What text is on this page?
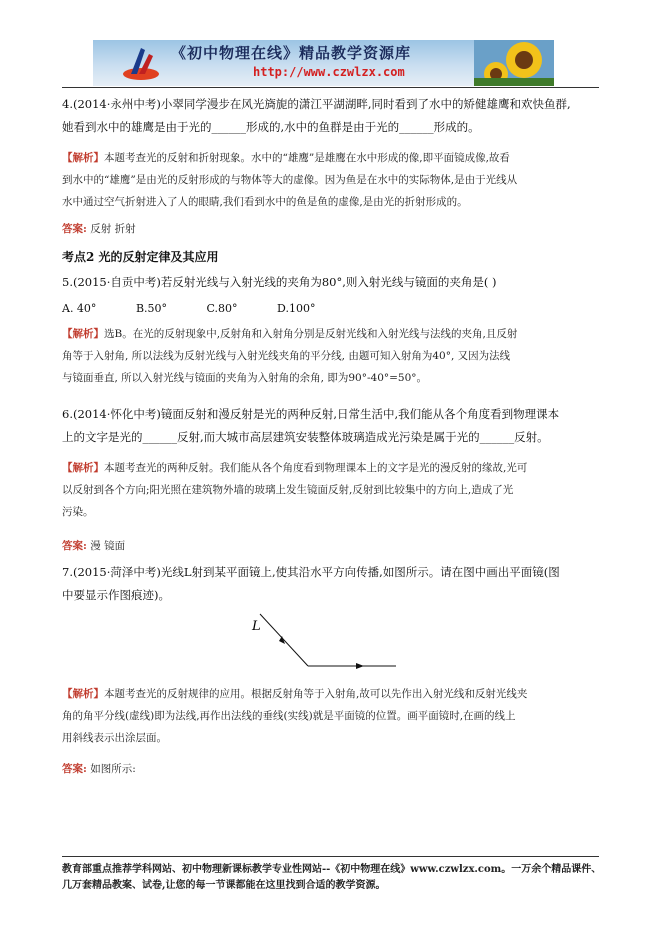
《初中物理在线》精品教学资源库
http://www.czwlzx.com
4.(2014·永州中考)小翠同学漫步在风光旖旎的潇江平湖湖畔,同时看到了水中的矫健雄鹰和欢快鱼群,
她看到水中的雄鹰是由于光的______形成的,水中的鱼群是由于光的______形成的。
【解析】本题考查光的反射和折射现象。水中的“雄鹰”是雄鹰在水中形成的像,即平面镜成像,故看
到水中的“雄鹰”是由光的反射形成的与物体等大的虚像。因为鱼是在水中的实际物体,是由于光线从
水中通过空气折射进入了人的眼睛,我们看到水中的鱼是鱼的虚像,是由光的折射形成的。
答案: 反射 折射
考点2 光的反射定律及其应用
5.(2015·自贡中考)若反射光线与入射光线的夹角为80°,则入射光线与镜面的夹角是( )
A. 40°	B.50°	C.80°	D.100°
【解析】选B。在光的反射现象中,反射角和入射角分别是反射光线和入射光线与法线的夹角,且反射
角等于入射角, 所以法线为反射光线与入射光线夹角的平分线, 由题可知入射角为40°, 又因为法线
与镜面垂直, 所以入射光线与镜面的夹角为入射角的余角, 即为90°-40°=50°。
6.(2014·怀化中考)镜面反射和漫反射是光的两种反射,日常生活中,我们能从各个角度看到物理课本
上的文字是光的______反射,而大城市高层建筑安装整体玻璃造成光污染是属于光的______反射。
【解析】本题考查光的两种反射。我们能从各个角度看到物理课本上的文字是光的漫反射的缘故,光可
以反射到各个方向;阳光照在建筑物外墙的玻璃上发生镜面反射,反射到比较集中的方向上,造成了光
污染。
答案: 漫 镜面
7.(2015·菏泽中考)光线L射到某平面镜上,使其沿水平方向传播,如图所示。请在图中画出平面镜(图
中要显示作图痕迹)。
L
【解析】本题考查光的反射规律的应用。根据反射角等于入射角,故可以先作出入射光线和反射光线夹
角的角平分线(虚线)即为法线,再作出法线的垂线(实线)就是平面镜的位置。画平面镜时,在画的线上
用斜线表示出涂层面。
答案: 如图所示:
教育部重点推荐学科网站、初中物理新课标教学专业性网站--《初中物理在线》www.czwlzx.com。一万余个精品课件、
几万套精品教案、试卷,让您的每一节课都能在这里找到合适的教学资源。
